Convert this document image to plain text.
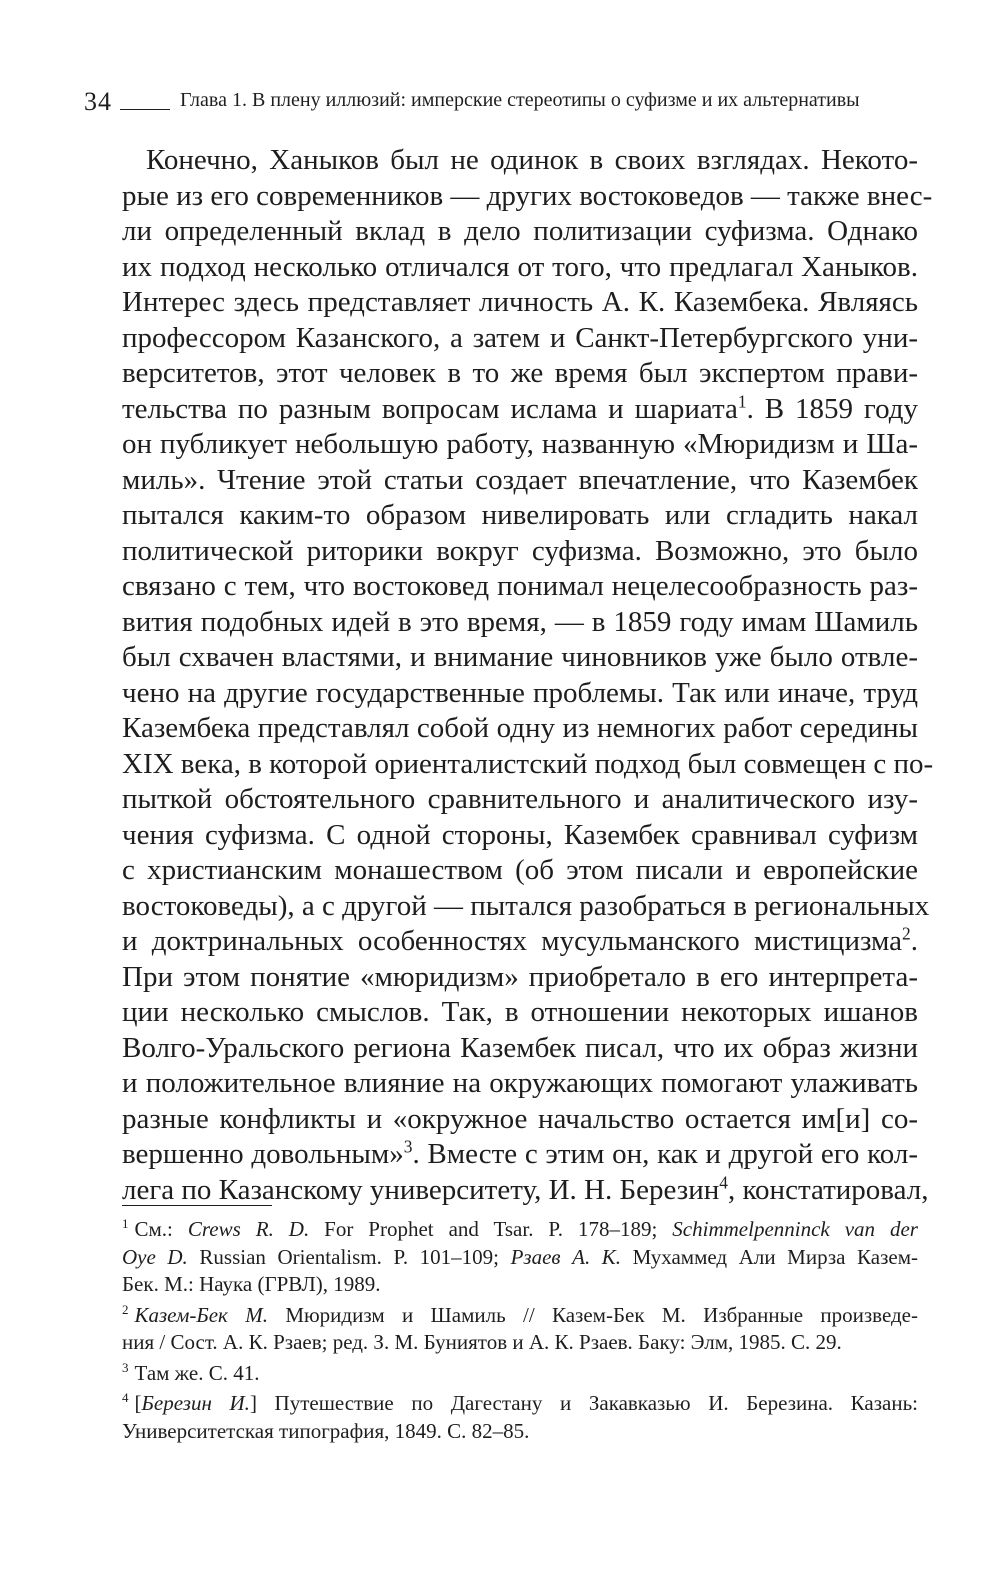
34	Глава 1. В плену иллюзий: имперские стереотипы о суфизме и их альтернативы
Конечно, Ханыков был не одинок в своих взглядах. Некото-
рые из его современников — других востоковедов — также внес-
ли определенный вклад в дело политизации суфизма. Однако
их подход несколько отличался от того, что предлагал Ханыков.
Интерес здесь представляет личность А. К. Казембека. Являясь
профессором Казанского, а затем и Санкт-Петербургского уни-
верситетов, этот человек в то же время был экспертом прави-
тельства по разным вопросам ислама и шариата$^1$. В 1859 году
он публикует небольшую работу, названную «Мюридизм и Ша-
миль». Чтение этой статьи создает впечатление, что Казембек
пытался каким-то образом нивелировать или сгладить накал
политической риторики вокруг суфизма. Возможно, это было
связано с тем, что востоковед понимал нецелесообразность раз-
вития подобных идей в это время, — в 1859 году имам Шамиль
был схвачен властями, и внимание чиновников уже было отвле-
чено на другие государственные проблемы. Так или иначе, труд
Казембека представлял собой одну из немногих работ середины
XIX века, в которой ориенталистский подход был совмещен с по-
пыткой обстоятельного сравнительного и аналитического изу-
чения суфизма. С одной стороны, Казембек сравнивал суфизм
с христианским монашеством (об этом писали и европейские
востоковеды), а с другой — пытался разобраться в региональных
и доктринальных особенностях мусульманского мистицизма$^2$.
При этом понятие «мюридизм» приобретало в его интерпрета-
ции несколько смыслов. Так, в отношении некоторых ишанов
Волго-Уральского региона Казембек писал, что их образ жизни
и положительное влияние на окружающих помогают улаживать
разные конфликты и «окружное начальство остается им[и] со-
вершенно довольным»$^3$. Вместе с этим он, как и другой его кол-
лега по Казанскому университету, И. Н. Березин$^4$, констатировал,
$^1$ См.: Crews R. D. For Prophet and Tsar. P. 178–189; Schimmelpenninck van der
Oye D. Russian Orientalism. P. 101–109; Рзаев А. К. Мухаммед Али Мирза Казем-
Бек. М.: Наука (ГРВЛ), 1989.
$^2$ Казем-Бек М. Мюридизм и Шамиль // Казем-Бек М. Избранные произведе-
ния / Сост. А. К. Рзаев; ред. З. М. Буниятов и А. К. Рзаев. Баку: Элм, 1985. С. 29.
$^3$ Там же. С. 41.
$^4$ [Березин И.] Путешествие по Дагестану и Закавказью И. Березина. Казань:
Университетская типография, 1849. С. 82–85.
